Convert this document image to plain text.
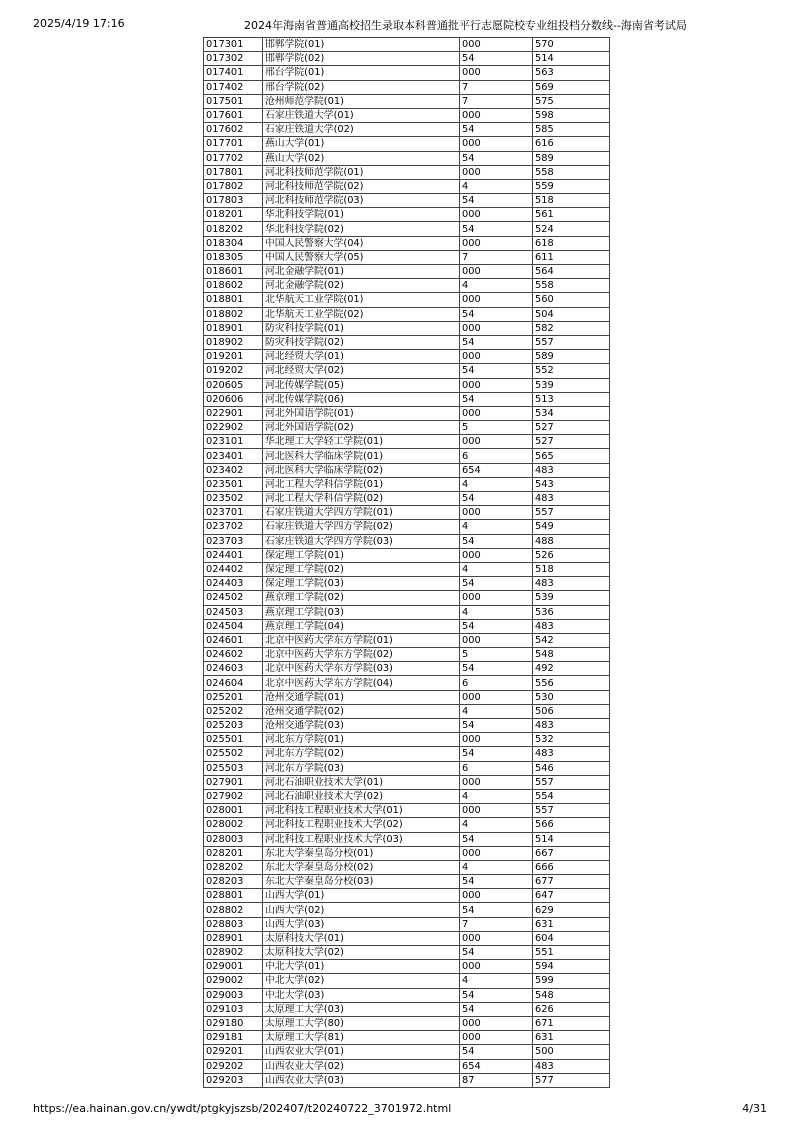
2025/4/19 17:16	2024年海南省普通高校招生录取本科普通批平行志愿院校专业组投档分数线--海南省考试局
017301	邯郸学院(01)	000	570
017302	邯郸学院(02)	54	514
017401	邢台学院(01)	000	563
017402	邢台学院(02)	7	569
017501	沧州师范学院(01)	7	575
017601	石家庄铁道大学(01)	000	598
017602	石家庄铁道大学(02)	54	585
017701	燕山大学(01)	000	616
017702	燕山大学(02)	54	589
017801	河北科技师范学院(01)	000	558
017802	河北科技师范学院(02)	4	559
017803	河北科技师范学院(03)	54	518
018201	华北科技学院(01)	000	561
018202	华北科技学院(02)	54	524
018304	中国人民警察大学(04)	000	618
018305	中国人民警察大学(05)	7	611
018601	河北金融学院(01)	000	564
018602	河北金融学院(02)	4	558
018801	北华航天工业学院(01)	000	560
018802	北华航天工业学院(02)	54	504
018901	防灾科技学院(01)	000	582
018902	防灾科技学院(02)	54	557
019201	河北经贸大学(01)	000	589
019202	河北经贸大学(02)	54	552
020605	河北传媒学院(05)	000	539
020606	河北传媒学院(06)	54	513
022901	河北外国语学院(01)	000	534
022902	河北外国语学院(02)	5	527
023101	华北理工大学轻工学院(01)	000	527
023401	河北医科大学临床学院(01)	6	565
023402	河北医科大学临床学院(02)	654	483
023501	河北工程大学科信学院(01)	4	543
023502	河北工程大学科信学院(02)	54	483
023701	石家庄铁道大学四方学院(01)	000	557
023702	石家庄铁道大学四方学院(02)	4	549
023703	石家庄铁道大学四方学院(03)	54	488
024401	保定理工学院(01)	000	526
024402	保定理工学院(02)	4	518
024403	保定理工学院(03)	54	483
024502	燕京理工学院(02)	000	539
024503	燕京理工学院(03)	4	536
024504	燕京理工学院(04)	54	483
024601	北京中医药大学东方学院(01)	000	542
024602	北京中医药大学东方学院(02)	5	548
024603	北京中医药大学东方学院(03)	54	492
024604	北京中医药大学东方学院(04)	6	556
025201	沧州交通学院(01)	000	530
025202	沧州交通学院(02)	4	506
025203	沧州交通学院(03)	54	483
025501	河北东方学院(01)	000	532
025502	河北东方学院(02)	54	483
025503	河北东方学院(03)	6	546
027901	河北石油职业技术大学(01)	000	557
027902	河北石油职业技术大学(02)	4	554
028001	河北科技工程职业技术大学(01)	000	557
028002	河北科技工程职业技术大学(02)	4	566
028003	河北科技工程职业技术大学(03)	54	514
028201	东北大学秦皇岛分校(01)	000	667
028202	东北大学秦皇岛分校(02)	4	666
028203	东北大学秦皇岛分校(03)	54	677
028801	山西大学(01)	000	647
028802	山西大学(02)	54	629
028803	山西大学(03)	7	631
028901	太原科技大学(01)	000	604
028902	太原科技大学(02)	54	551
029001	中北大学(01)	000	594
029002	中北大学(02)	4	599
029003	中北大学(03)	54	548
029103	太原理工大学(03)	54	626
029180	太原理工大学(80)	000	671
029181	太原理工大学(81)	000	631
029201	山西农业大学(01)	54	500
029202	山西农业大学(02)	654	483
029203	山西农业大学(03)	87	577
https://ea.hainan.gov.cn/ywdt/ptgkyjszsb/202407/t20240722_3701972.html	4/31
